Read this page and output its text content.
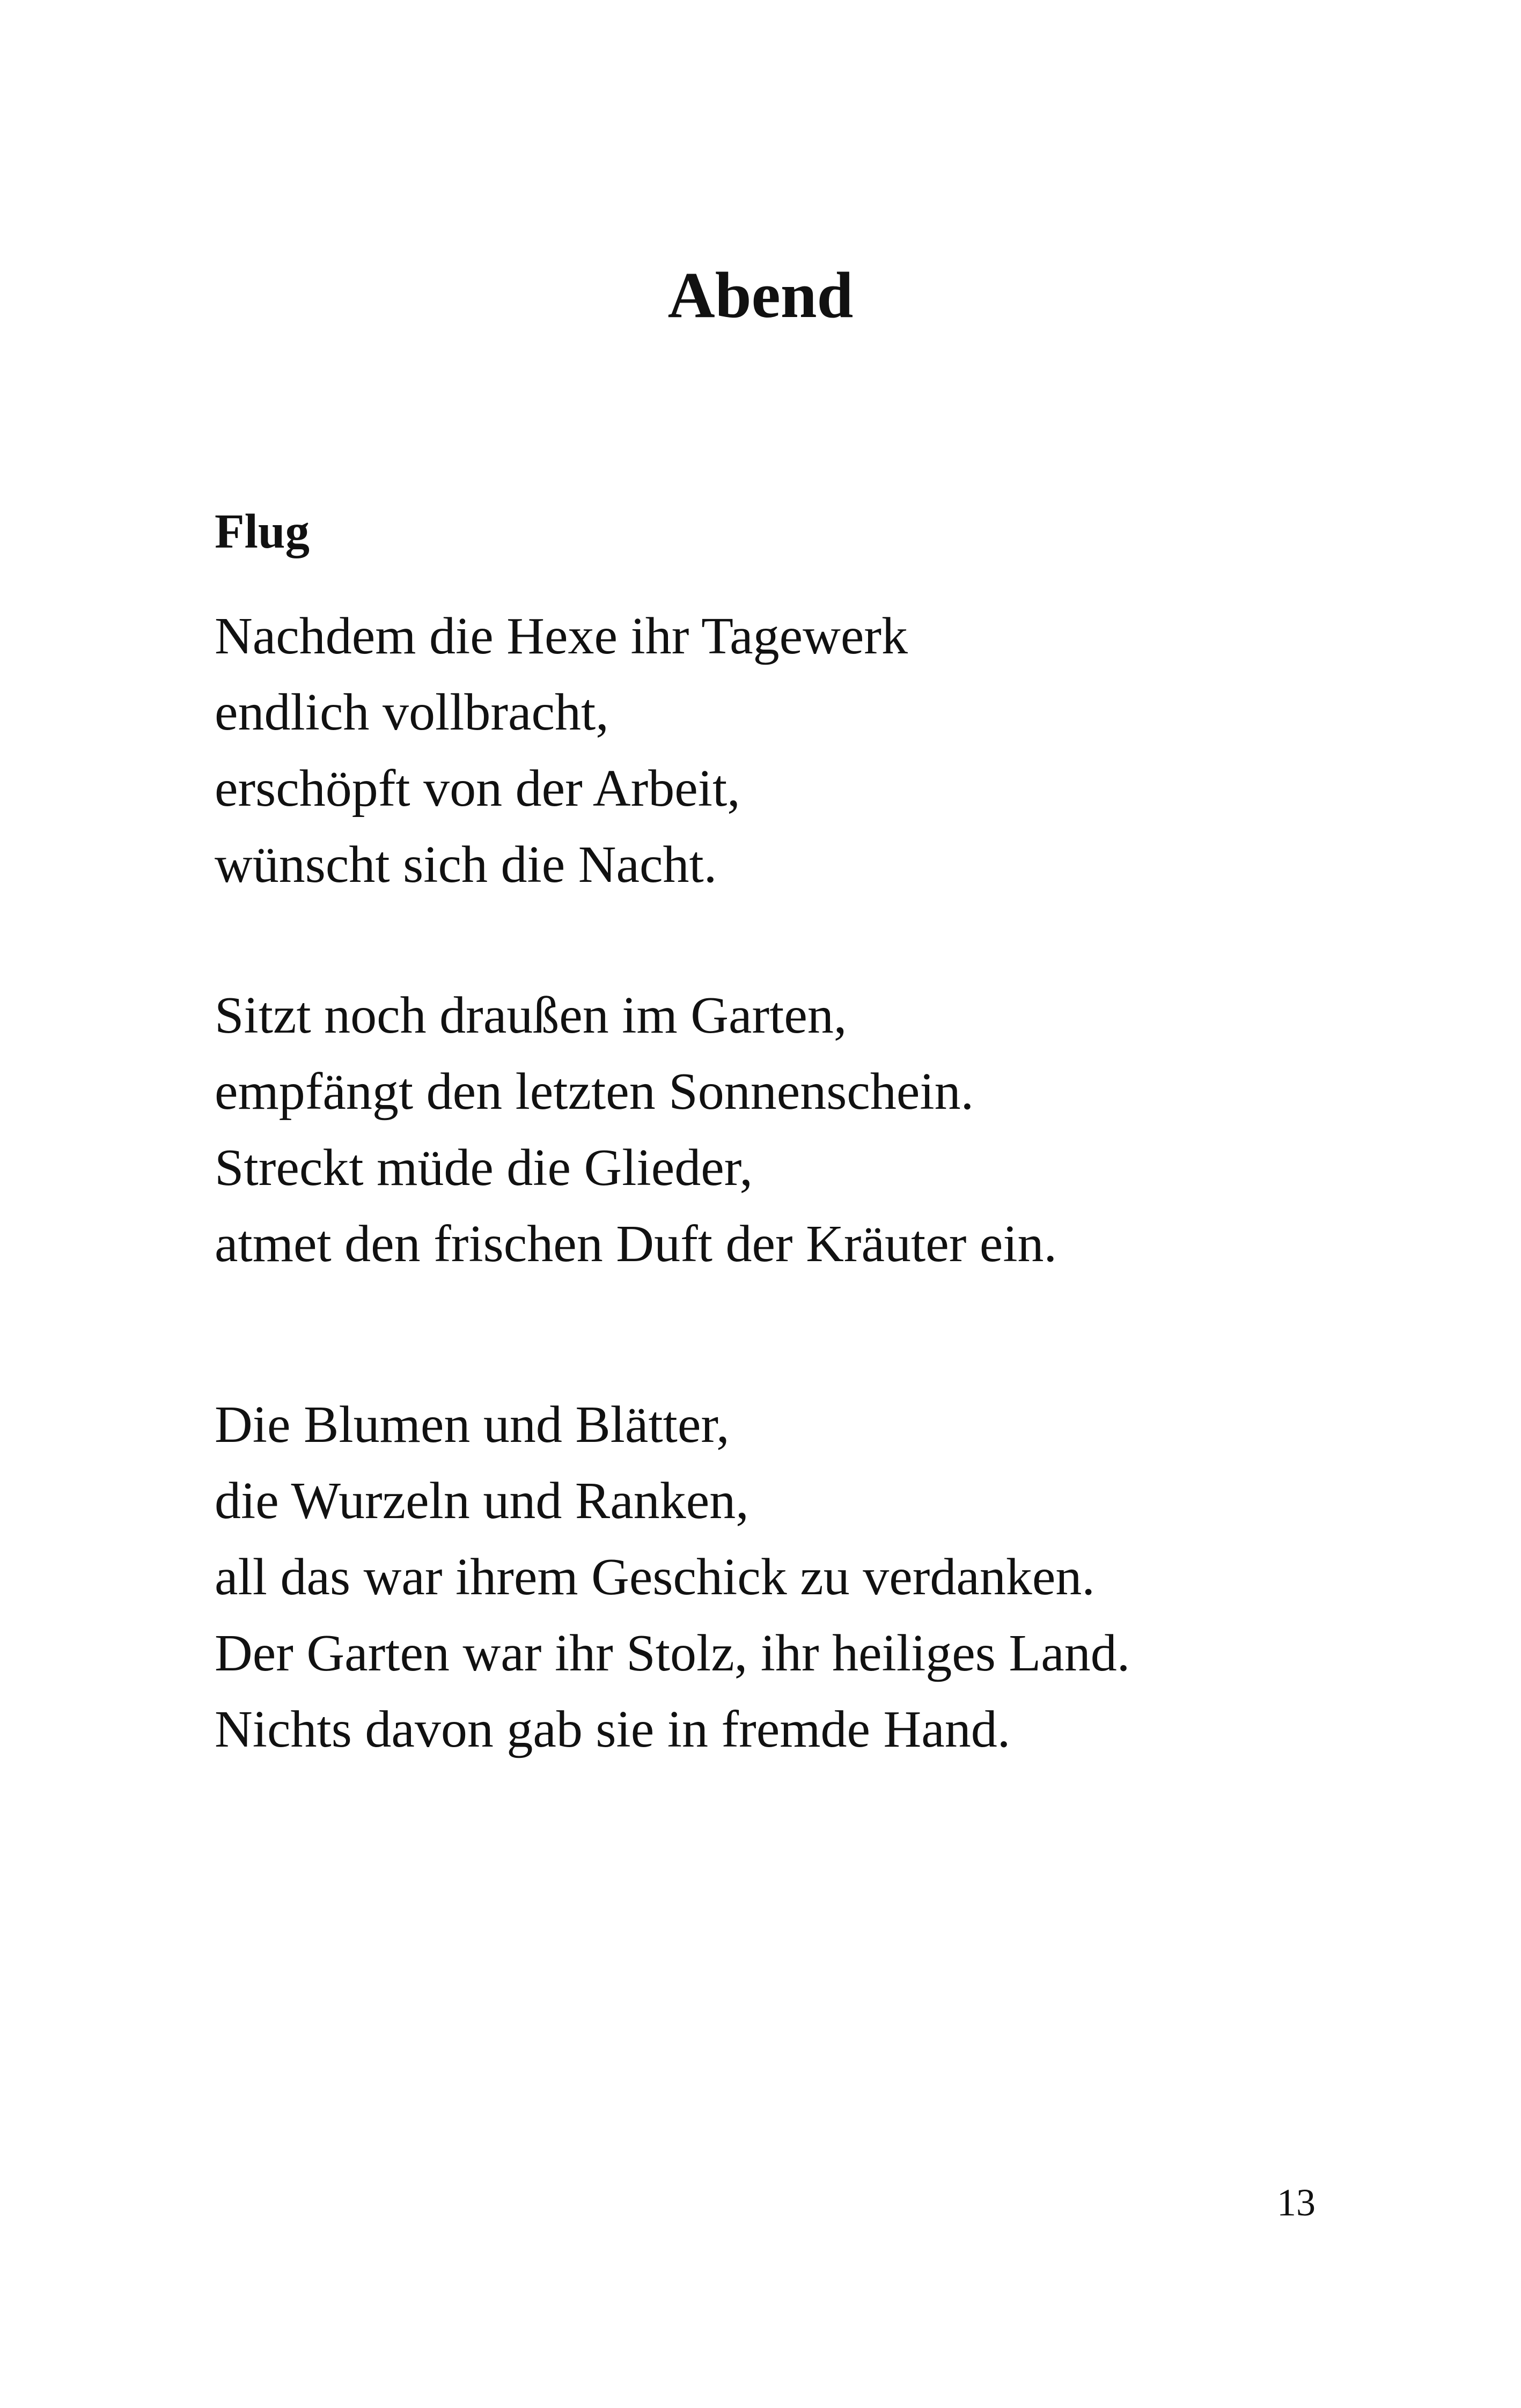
Abend
Flug

Nachdem die Hexe ihr Tagewerk
endlich vollbracht,
erschöpft von der Arbeit,
wünscht sich die Nacht.

Sitzt noch draußen im Garten,
empfängt den letzten Sonnenschein.
Streckt müde die Glieder,
atmet den frischen Duft der Kräuter ein.

Die Blumen und Blätter,
die Wurzeln und Ranken,
all das war ihrem Geschick zu verdanken.
Der Garten war ihr Stolz, ihr heiliges Land.
Nichts davon gab sie in fremde Hand.

13
